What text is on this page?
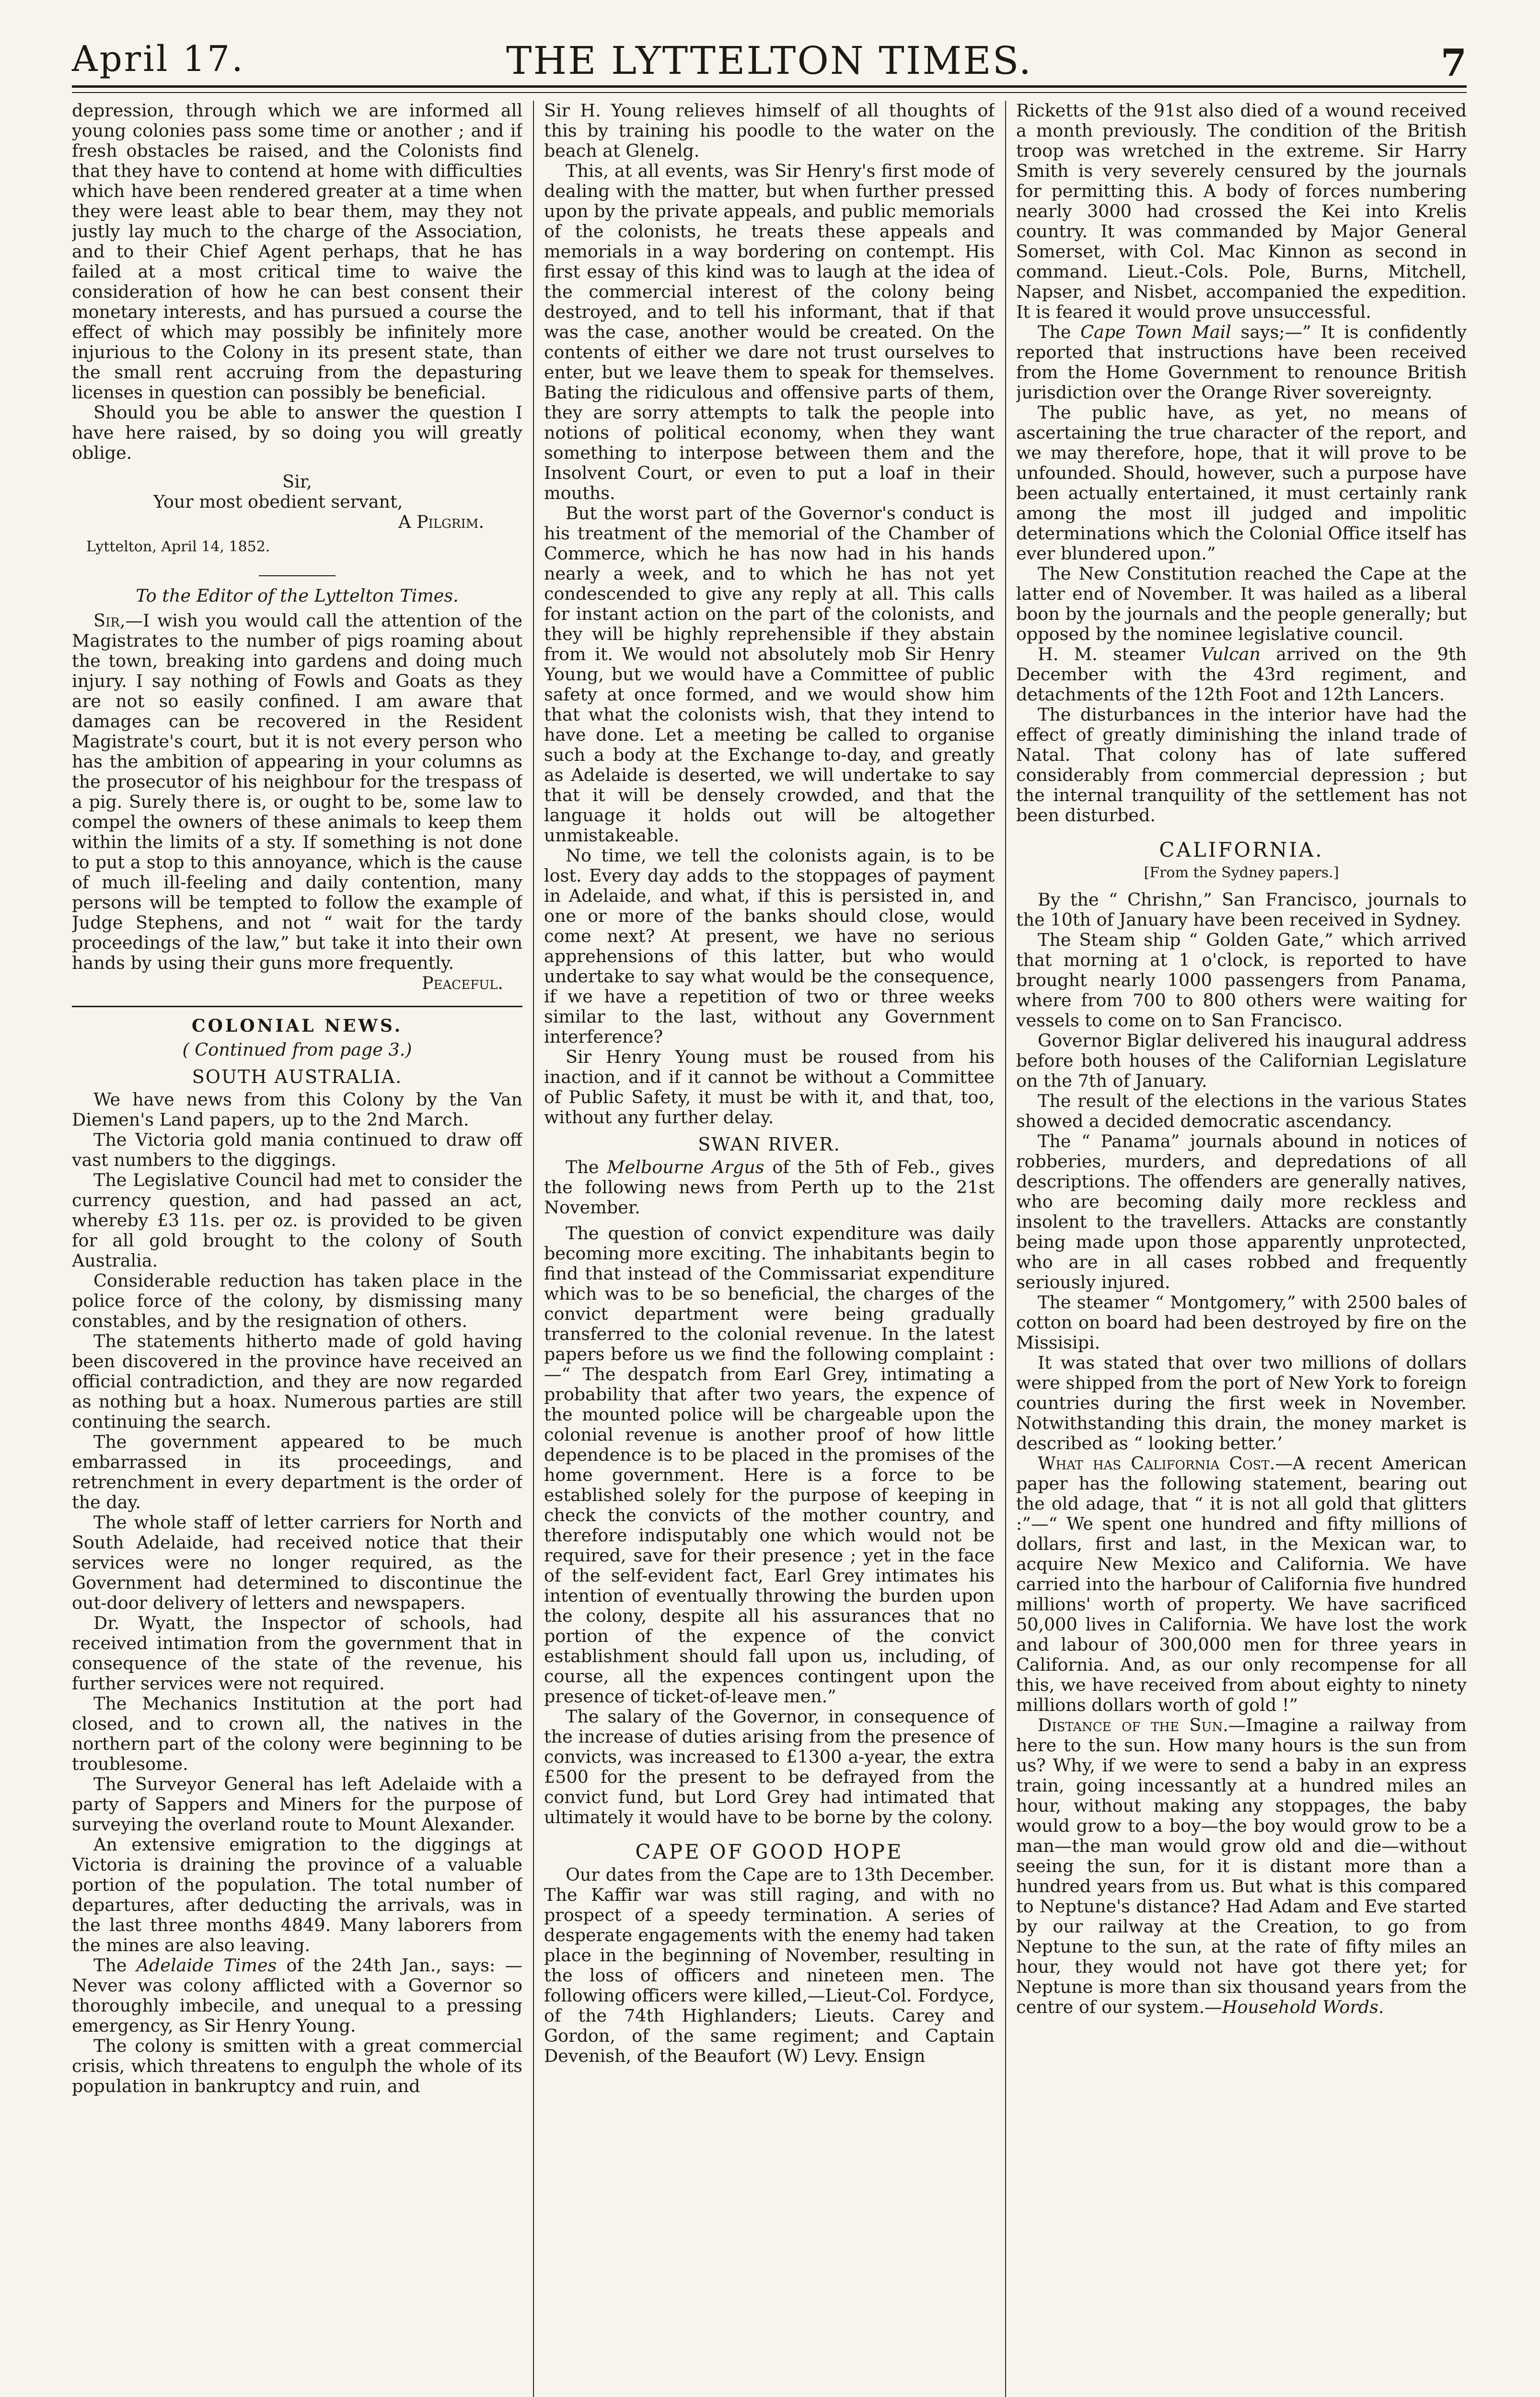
April 17.	THE LYTTELTON TIMES.	7

depression, through which we are informed all young colonies pass some time or another ; and if fresh obstacles be raised, and the Colonists find that they have to contend at home with difficulties which have been rendered greater at a time when they were least able to bear them, may they not justly lay much to the charge of the Association, and to their Chief Agent perhaps, that he has failed at a most critical time to waive the consideration of how he can best consent their monetary interests, and has pursued a course the effect of which may possibly be infinitely more injurious to the Colony in its present state, than the small rent accruing from the depasturing licenses in question can possibly be beneficial.

Should you be able to answer the question I have here raised, by so doing you will greatly oblige.

Sir,

Your most obedient servant,

A Pilgrim.

Lyttelton, April 14, 1852.

To the Editor of the Lyttelton Times.

Sir,—I wish you would call the attention of the Magistrates to the number of pigs roaming about the town, breaking into gardens and doing much injury. I say nothing of Fowls and Goats as they are not so easily confined. I am aware that damages can be recovered in the Resident Magistrate's court, but it is not every person who has the ambition of appearing in your columns as the prosecutor of his neighbour for the trespass of a pig. Surely there is, or ought to be, some law to compel the owners of these animals to keep them within the limits of a sty. If something is not done to put a stop to this annoyance, which is the cause of much ill-feeling and daily contention, many persons will be tempted to follow the example of Judge Stephens, and not “ wait for the tardy proceedings of the law,” but take it into their own hands by using their guns more frequently.

Peaceful.

COLONIAL NEWS.

( Continued from page 3.)

SOUTH AUSTRALIA.

We have news from this Colony by the Van Diemen's Land papers, up to the 2nd March.

The Victoria gold mania continued to draw off vast numbers to the diggings.

The Legislative Council had met to consider the currency question, and had passed an act, whereby £3 11s. per oz. is provided to be given for all gold brought to the colony of South Australia.

Considerable reduction has taken place in the police force of the colony, by dismissing many constables, and by the resignation of others.

The statements hitherto made of gold having been discovered in the province have received an official contradiction, and they are now regarded as nothing but a hoax. Numerous parties are still continuing the search.

The government appeared to be much embarrassed in its proceedings, and retrenchment in every department is the order of the day.

The whole staff of letter carriers for North and South Adelaide, had received notice that their services were no longer required, as the Government had determined to discontinue the out-door delivery of letters and newspapers.

Dr. Wyatt, the Inspector of schools, had received intimation from the government that in consequence of the state of the revenue, his further services were not required.

The Mechanics Institution at the port had closed, and to crown all, the natives in the northern part of the colony were beginning to be troublesome.

The Surveyor General has left Adelaide with a party of Sappers and Miners for the purpose of surveying the overland route to Mount Alexander.

An extensive emigration to the diggings at Victoria is draining the province of a valuable portion of the population. The total number of departures, after deducting the arrivals, was in the last three months 4849. Many laborers from the mines are also leaving.

The Adelaide Times of the 24th Jan., says: —Never was colony afflicted with a Governor so thoroughly imbecile, and unequal to a pressing emergency, as Sir Henry Young.

The colony is smitten with a great commercial crisis, which threatens to engulph the whole of its population in bankruptcy and ruin, and

Sir H. Young relieves himself of all thoughts of this by training his poodle to the water on the beach at Glenelg.

This, at all events, was Sir Henry's first mode of dealing with the matter, but when further pressed upon by the private appeals, and public memorials of the colonists, he treats these appeals and memorials in a way bordering on contempt. His first essay of this kind was to laugh at the idea of the commercial interest of the colony being destroyed, and to tell his informant, that if that was the case, another would be created. On the contents of either we dare not trust ourselves to enter, but we leave them to speak for themselves. Bating the ridiculous and offensive parts of them, they are sorry attempts to talk the people into notions of political economy, when they want something to interpose between them and the Insolvent Court, or even to put a loaf in their mouths.

But the worst part of the Governor's conduct is his treatment of the memorial of the Chamber of Commerce, which he has now had in his hands nearly a week, and to which he has not yet condescended to give any reply at all. This calls for instant action on the part of the colonists, and they will be highly reprehensible if they abstain from it. We would not absolutely mob Sir Henry Young, but we would have a Committee of public safety at once formed, and we would show him that what the colonists wish, that they intend to have done. Let a meeting be called to organise such a body at the Exchange to-day, and greatly as Adelaide is deserted, we will undertake to say that it will be densely crowded, and that the language it holds out will be altogether unmistakeable.

No time, we tell the colonists again, is to be lost. Every day adds to the stoppages of payment in Adelaide, and what, if this is persisted in, and one or more of the banks should close, would come next? At present, we have no serious apprehensions of this latter, but who would undertake to say what would be the consequence, if we have a repetition of two or three weeks similar to the last, without any Government interference?

Sir Henry Young must be roused from his inaction, and if it cannot be without a Committee of Public Safety, it must be with it, and that, too, without any further delay.

SWAN RIVER.

The Melbourne Argus of the 5th of Feb., gives the following news from Perth up to the 21st November.

The question of convict expenditure was daily becoming more exciting. The inhabitants begin to find that instead of the Commissariat expenditure which was to be so beneficial, the charges of the convict department were being gradually transferred to the colonial revenue. In the latest papers before us we find the following complaint :—“ The despatch from Earl Grey, intimating a probability that after two years, the expence of the mounted police will be chargeable upon the colonial revenue is another proof of how little dependence is to be placed in the promises of the home government. Here is a force to be established solely for the purpose of keeping in check the convicts of the mother country, and therefore indisputably one which would not be required, save for their presence ; yet in the face of the self-evident fact, Earl Grey intimates his intention of eventually throwing the burden upon the colony, despite all his assurances that no portion of the expence of the convict establishment should fall upon us, including, of course, all the expences contingent upon the presence of ticket-of-leave men.”

The salary of the Governor, in consequence of the increase of duties arising from the presence of convicts, was increased to £1300 a-year, the extra £500 for the present to be defrayed from the convict fund, but Lord Grey had intimated that ultimately it would have to be borne by the colony.

CAPE OF GOOD HOPE

Our dates from the Cape are to 13th December. The Kaffir war was still raging, and with no prospect of a speedy termination. A series of desperate engagements with the enemy had taken place in the beginning of November, resulting in the loss of officers and nineteen men. The following officers were killed,—Lieut-Col. Fordyce, of the 74th Highlanders; Lieuts. Carey and Gordon, of the same regiment; and Captain Devenish, of the Beaufort (W) Levy. Ensign

Ricketts of the 91st also died of a wound received a month previously. The condition of the British troop was wretched in the extreme. Sir Harry Smith is very severely censured by the journals for permitting this. A body of forces numbering nearly 3000 had crossed the Kei into Krelis country. It was commanded by Major General Somerset, with Col. Mac Kinnon as second in command. Lieut.-Cols. Pole, Burns, Mitchell, Napser, and Nisbet, accompanied the expedition. It is feared it would prove unsuccessful.

The Cape Town Mail says;—” It is confidently reported that instructions have been received from the Home Government to renounce British jurisdiction over the Orange River sovereignty.

The public have, as yet, no means of ascertaining the true character of the report, and we may therefore, hope, that it will prove to be unfounded. Should, however, such a purpose have been actually entertained, it must certainly rank among the most ill judged and impolitic determinations which the Colonial Office itself has ever blundered upon.”

The New Constitution reached the Cape at the latter end of November. It was hailed as a liberal boon by the journals and the people generally; but opposed by the nominee legislative council.

H. M. steamer Vulcan arrived on the 9th December with the 43rd regiment, and detachments of the 12th Foot and 12th Lancers.

The disturbances in the interior have had the effect of greatly diminishing the inland trade of Natal. That colony has of late suffered considerably from commercial depression ; but the internal tranquility of the settlement has not been disturbed.

CALIFORNIA.

[From the Sydney papers.]

By the “ Chrishn,” San Francisco, journals to the 10th of January have been received in Sydney.

The Steam ship “ Golden Gate,” which arrived that morning at 1 o'clock, is reported to have brought nearly 1000 passengers from Panama, where from 700 to 800 others were waiting for vessels to come on to San Francisco.

Governor Biglar delivered his inaugural address before both houses of the Californian Legislature on the 7th of January.

The result of the elections in the various States showed a decided democratic ascendancy.

The “ Panama” journals abound in notices of robberies, murders, and depredations of all descriptions. The offenders are generally natives, who are becoming daily more reckless and insolent to the travellers. Attacks are constantly being made upon those apparently unprotected, who are in all cases robbed and frequently seriously injured.

The steamer “ Montgomery,” with 2500 bales of cotton on board had been destroyed by fire on the Missisipi.

It was stated that over two millions of dollars were shipped from the port of New York to foreign countries during the first week in November. Notwithstanding this drain, the money market is described as “ looking better.’

What has California Cost.—A recent American paper has the following statement, bearing out the old adage, that “ it is not all gold that glitters :”—“ We spent one hundred and fifty millions of dollars, first and last, in the Mexican war, to acquire New Mexico and California. We have carried into the harbour of California five hundred millions' worth of property. We have sacrificed 50,000 lives in California. We have lost the work and labour of 300,000 men for three years in California. And, as our only recompense for all this, we have received from about eighty to ninety millions dollars worth of gold !”

Distance of the Sun.—Imagine a railway from here to the sun. How many hours is the sun from us? Why, if we were to send a baby in an express train, going incessantly at a hundred miles an hour, without making any stoppages, the baby would grow to a boy—the boy would grow to be a man—the man would grow old and die—without seeing the sun, for it is distant more than a hundred years from us. But what is this compared to Neptune's distance? Had Adam and Eve started by our railway at the Creation, to go from Neptune to the sun, at the rate of fifty miles an hour, they would not have got there yet; for Neptune is more than six thousand years from the centre of our system.—Household Words.
